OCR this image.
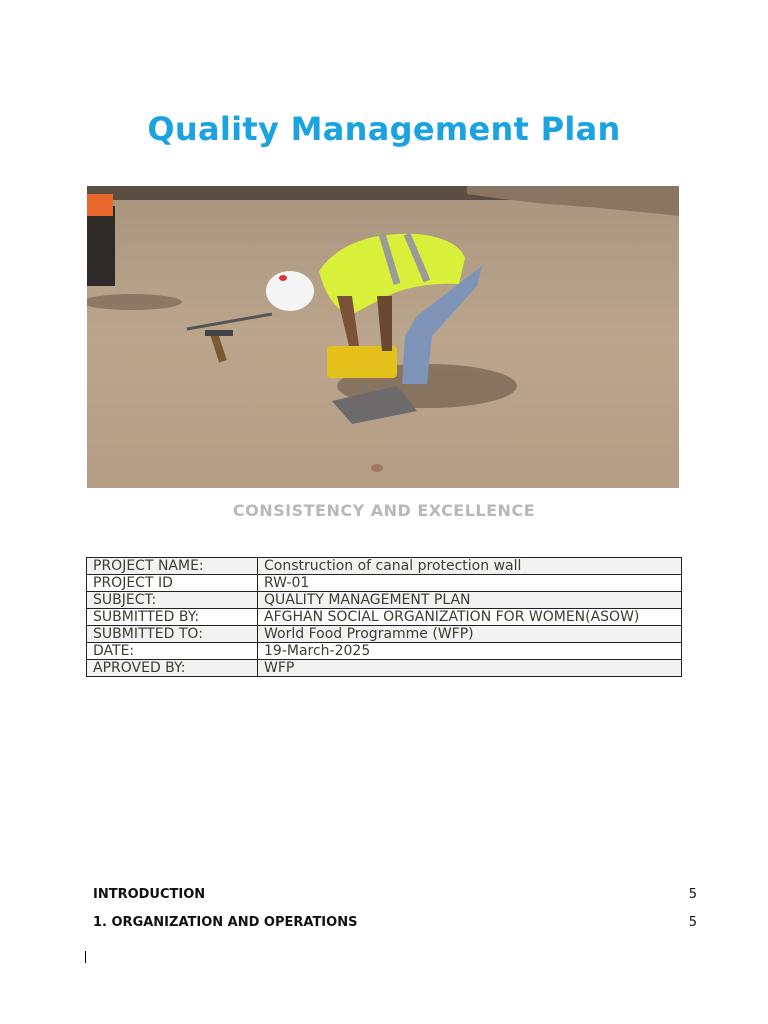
Quality Management Plan
CONSISTENCY AND EXCELLENCE
PROJECT NAME:	Construction of canal protection wall
PROJECT ID	RW-01
SUBJECT:	QUALITY MANAGEMENT PLAN
SUBMITTED BY:	AFGHAN SOCIAL ORGANIZATION FOR WOMEN(ASOW)
SUBMITTED TO:	World Food Programme (WFP)
DATE:	19-March-2025
APROVED BY:	WFP
INTRODUCTION	5
1. ORGANIZATION AND OPERATIONS	5
